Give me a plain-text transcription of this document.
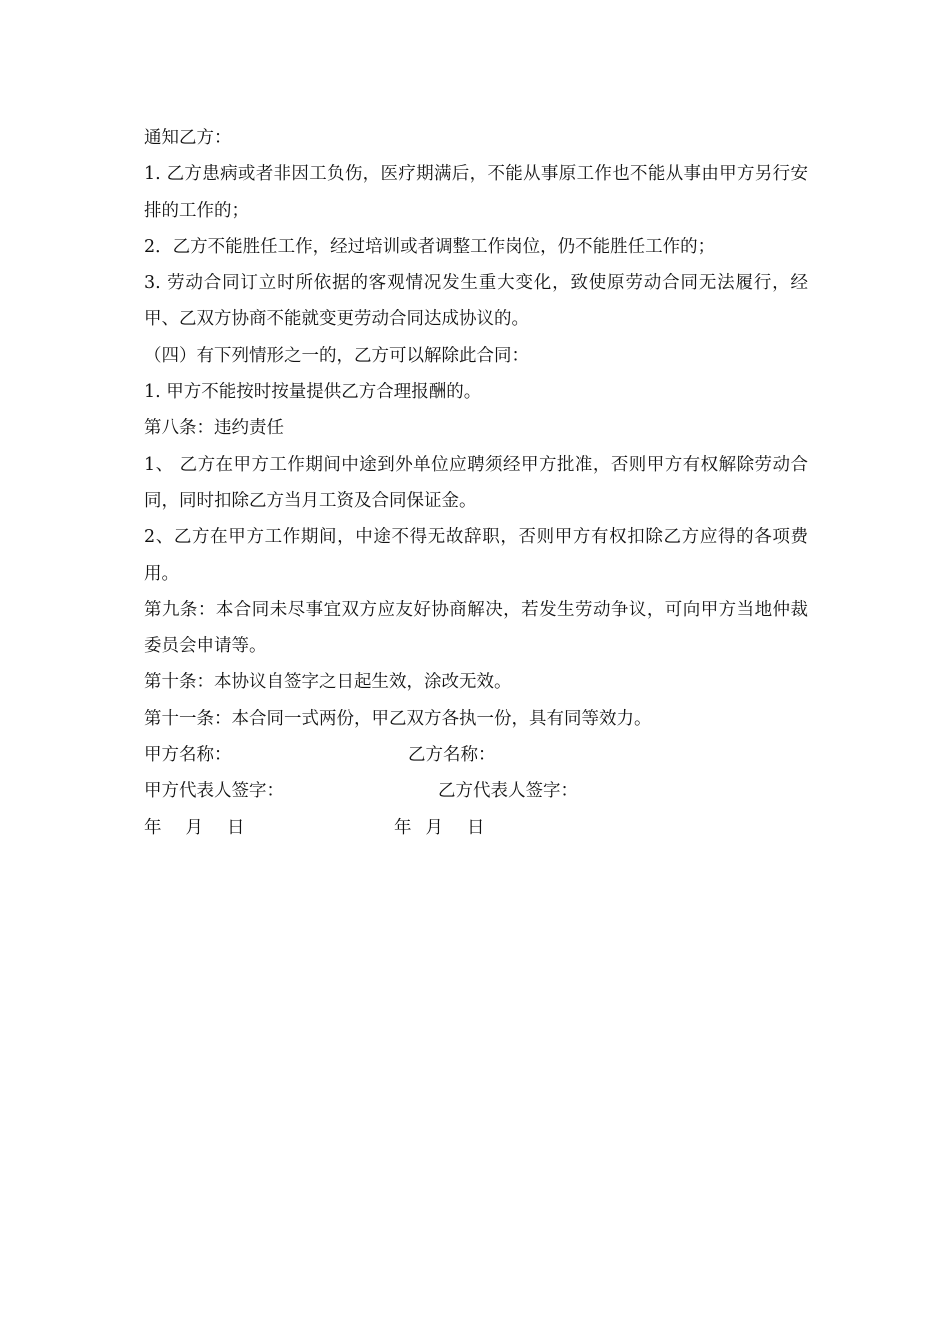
通知乙方：

1. 乙方患病或者非因工负伤，医疗期满后，不能从事原工作也不能从事由甲方另行安排的工作的；

2．乙方不能胜任工作，经过培训或者调整工作岗位，仍不能胜任工作的；

3. 劳动合同订立时所依据的客观情况发生重大变化，致使原劳动合同无法履行，经甲、乙双方协商不能就变更劳动合同达成协议的。

（四）有下列情形之一的，乙方可以解除此合同：

1. 甲方不能按时按量提供乙方合理报酬的。

第八条：违约责任

1、 乙方在甲方工作期间中途到外单位应聘须经甲方批准，否则甲方有权解除劳动合同，同时扣除乙方当月工资及合同保证金。

2、乙方在甲方工作期间，中途不得无故辞职，否则甲方有权扣除乙方应得的各项费用。

第九条：本合同未尽事宜双方应友好协商解决，若发生劳动争议，可向甲方当地仲裁委员会申请等。

第十条：本协议自签字之日起生效，涂改无效。

第十一条：本合同一式两份，甲乙双方各执一份，具有同等效力。

甲方名称：	乙方名称：
甲方代表人签字：	乙方代表人签字：
年 月 日	年 月 日
